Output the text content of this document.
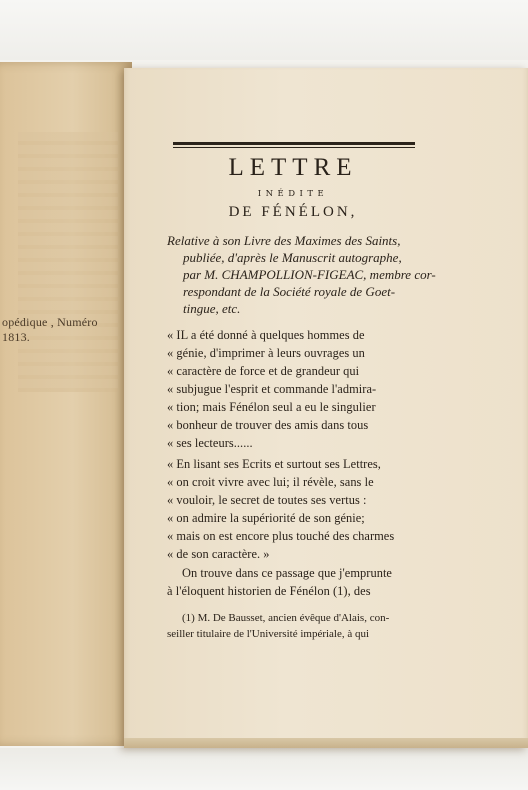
opédique , Numéro
1813.
LETTRE
INÉDITE
DE FÉNÉLON,
Relative à son Livre des Maximes des Saints,
publiée, d'après le Manuscrit autographe,
par M. CHAMPOLLION-FIGEAC, membre cor-
respondant de la Société royale de Goet-
tingue, etc.
« IL a été donné à quelques hommes de
« génie, d'imprimer à leurs ouvrages un
« caractère de force et de grandeur qui
« subjugue l'esprit et commande l'admira-
« tion; mais Fénélon seul a eu le singulier
« bonheur de trouver des amis dans tous
« ses lecteurs......
« En lisant ses Ecrits et surtout ses Lettres,
« on croit vivre avec lui; il révèle, sans le
« vouloir, le secret de toutes ses vertus :
« on admire la supériorité de son génie;
« mais on est encore plus touché des charmes
« de son caractère. »
On trouve dans ce passage que j'emprunte
à l'éloquent historien de Fénélon (1), des
(1) M. De Bausset, ancien évêque d'Alais, con-
seiller titulaire de l'Université impériale, à qui
